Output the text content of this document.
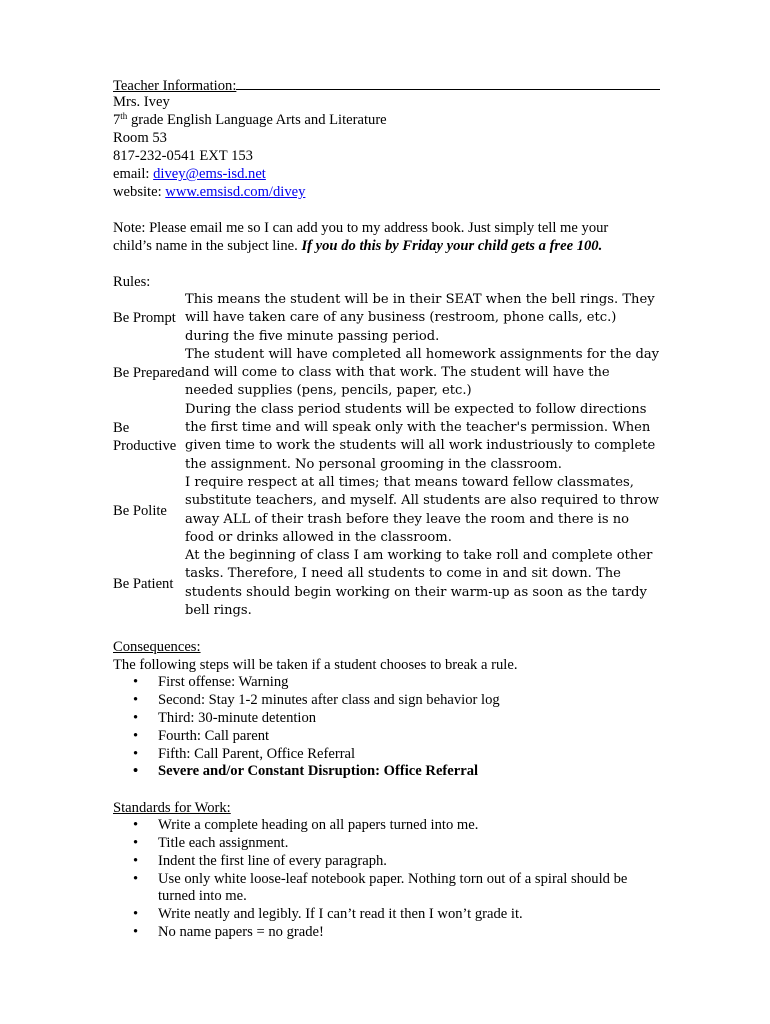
Teacher Information:
Mrs. Ivey
7th grade English Language Arts and Literature
Room 53
817-232-0541 EXT 153
email: divey@ems-isd.net
website: www.emsisd.com/divey
Note: Please email me so I can add you to my address book. Just simply tell me your child’s name in the subject line. If you do this by Friday your child gets a free 100.
Rules:
Be Prompt	This means the student will be in their SEAT when the bell rings. They will have taken care of any business (restroom, phone calls, etc.) during the five minute passing period.
Be Prepared	The student will have completed all homework assignments for the day and will come to class with that work. The student will have the needed supplies (pens, pencils, paper, etc.)
Be Productive	During the class period students will be expected to follow directions the first time and will speak only with the teacher's permission. When given time to work the students will all work industriously to complete the assignment. No personal grooming in the classroom.
Be Polite	I require respect at all times; that means toward fellow classmates, substitute teachers, and myself. All students are also required to throw away ALL of their trash before they leave the room and there is no food or drinks allowed in the classroom.
Be Patient	At the beginning of class I am working to take roll and complete other tasks. Therefore, I need all students to come in and sit down. The students should begin working on their warm-up as soon as the tardy bell rings.
Consequences:
The following steps will be taken if a student chooses to break a rule.
• First offense: Warning
• Second: Stay 1-2 minutes after class and sign behavior log
• Third: 30-minute detention
• Fourth: Call parent
• Fifth: Call Parent, Office Referral
• Severe and/or Constant Disruption: Office Referral
Standards for Work:
• Write a complete heading on all papers turned into me.
• Title each assignment.
• Indent the first line of every paragraph.
• Use only white loose-leaf notebook paper. Nothing torn out of a spiral should be turned into me.
• Write neatly and legibly. If I can’t read it then I won’t grade it.
• No name papers = no grade!
